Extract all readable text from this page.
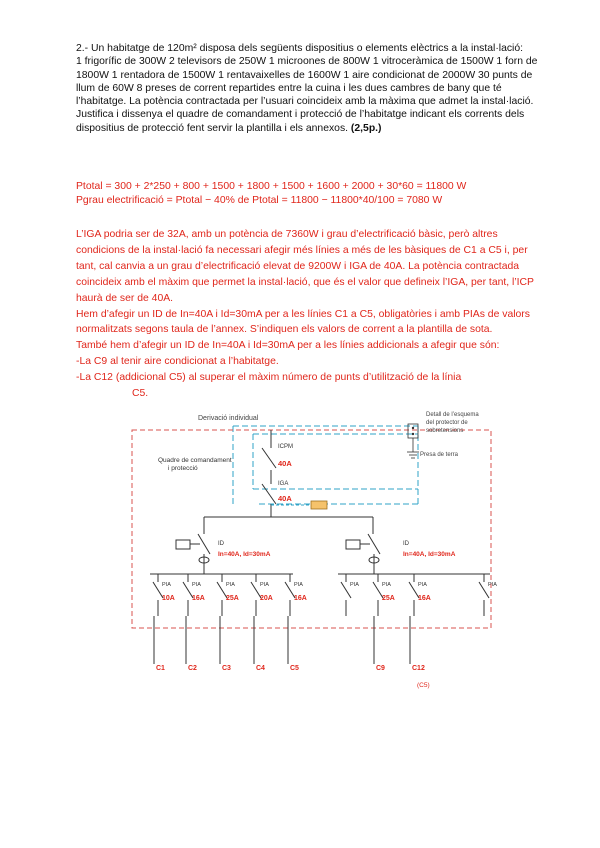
2.- Un habitatge de 120m² disposa dels següents dispositius o elements elèctrics a la instal·lació:
1 frigorífic de 300W 2 televisors de 250W 1 microones de 800W 1 vitroceràmica de 1500W 1 forn de 1800W 1 rentadora de 1500W 1 rentavaixelles de 1600W 1 aire condicionat de 2000W 30 punts de llum de 60W 8 preses de corrent repartides entre la cuina i les dues cambres de bany que té l’habitatge. La potència contractada per l’usuari coincideix amb la màxima que admet la instal·lació. Justifica i dissenya el quadre de comandament i protecció de l’habitatge indicant els corrents dels dispositius de protecció fent servir la plantilla i els annexos. (2,5p.)
Ptotal = 300 + 2*250 + 800 + 1500 + 1800 + 1500 + 1600 + 2000 + 30*60 = 11800 W
Pgrau electrificació = Ptotal − 40% de Ptotal = 11800 − 11800*40/100 = 7080 W

L’IGA podria ser de 32A, amb un potència de 7360W i grau d’electrificació bàsic, però altres condicions de la instal·lació fa necessari afegir més línies a més de les bàsiques de C1 a C5 i, per tant, cal canvia a un grau d’electrificació elevat de 9200W i IGA de 40A. La potència contractada coincideix amb el màxim que permet la instal·lació, que és el valor que defineix l’IGA, per tant, l’ICP haurà de ser de 40A.

Hem d’afegir un ID de In=40A i Id=30mA per a les línies C1 a C5, obligatòries i amb PIAs de valors normalitzats segons taula de l’annex. S’indiquen els valors de corrent a la plantilla de sota.

També hem d’afegir un ID de In=40A i Id=30mA per a les línies addicionals a afegir que són:

-La C9 al tenir aire condicionat a l’habitatge.

-La C12 (addicional C5) al superar el màxim número de punts d’utilització de la línia

C5.

Derivació individual	Detall de l’esquema
del protector de
sobretensions
Presa de terra
Quadre de comandament
i protecció
ICPM
40A
IGA
40A
ID
In=40A, Id=30mA
ID
In=40A, Id=30mA
PIA
10A
PIA
16A
PIA
25A
PIA
20A
PIA
16A
C1	C2	C3	C4	C5
PIA	PIA
25A
PIA
16A
PIA
C9	C12
(C5)
